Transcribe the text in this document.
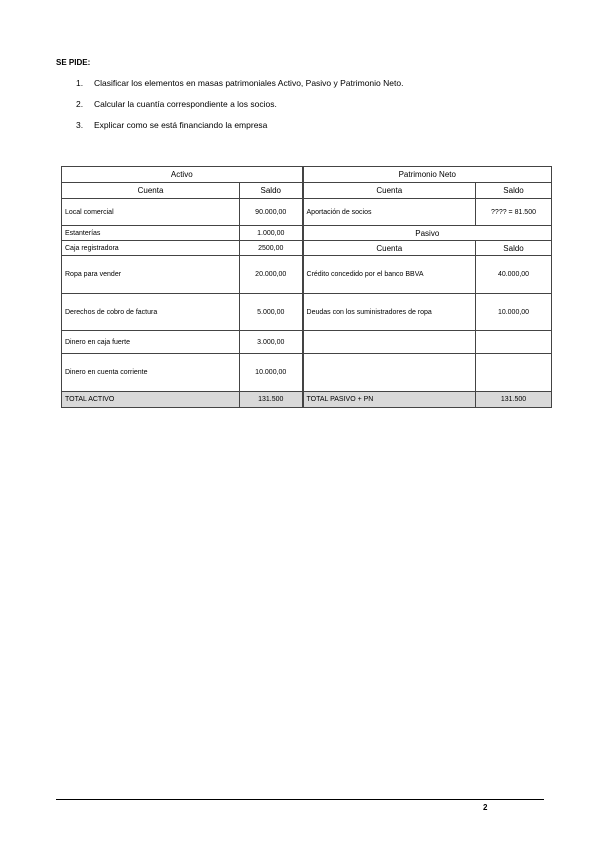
SE PIDE:
1.	Clasificar los elementos en masas patrimoniales Activo, Pasivo y Patrimonio Neto.
2.	Calcular la cuantía correspondiente a los socios.
3.	Explicar como se está financiando la empresa
Activo		Patrimonio Neto	
Cuenta	Saldo	Cuenta	Saldo
Local comercial	90.000,00	Aportación de socios	???? = 81.500
Estanterías	1.000,00	Pasivo	
Caja registradora	2500,00	Cuenta	Saldo
Ropa para vender	20.000,00	Crédito concedido por el banco BBVA	40.000,00
Derechos de cobro de factura	5.000,00	Deudas con los suministradores de ropa	10.000,00
Dinero en caja fuerte	3.000,00		
Dinero en cuenta corriente	10.000,00		
TOTAL ACTIVO	131.500	TOTAL PASIVO + PN	131.500
2
